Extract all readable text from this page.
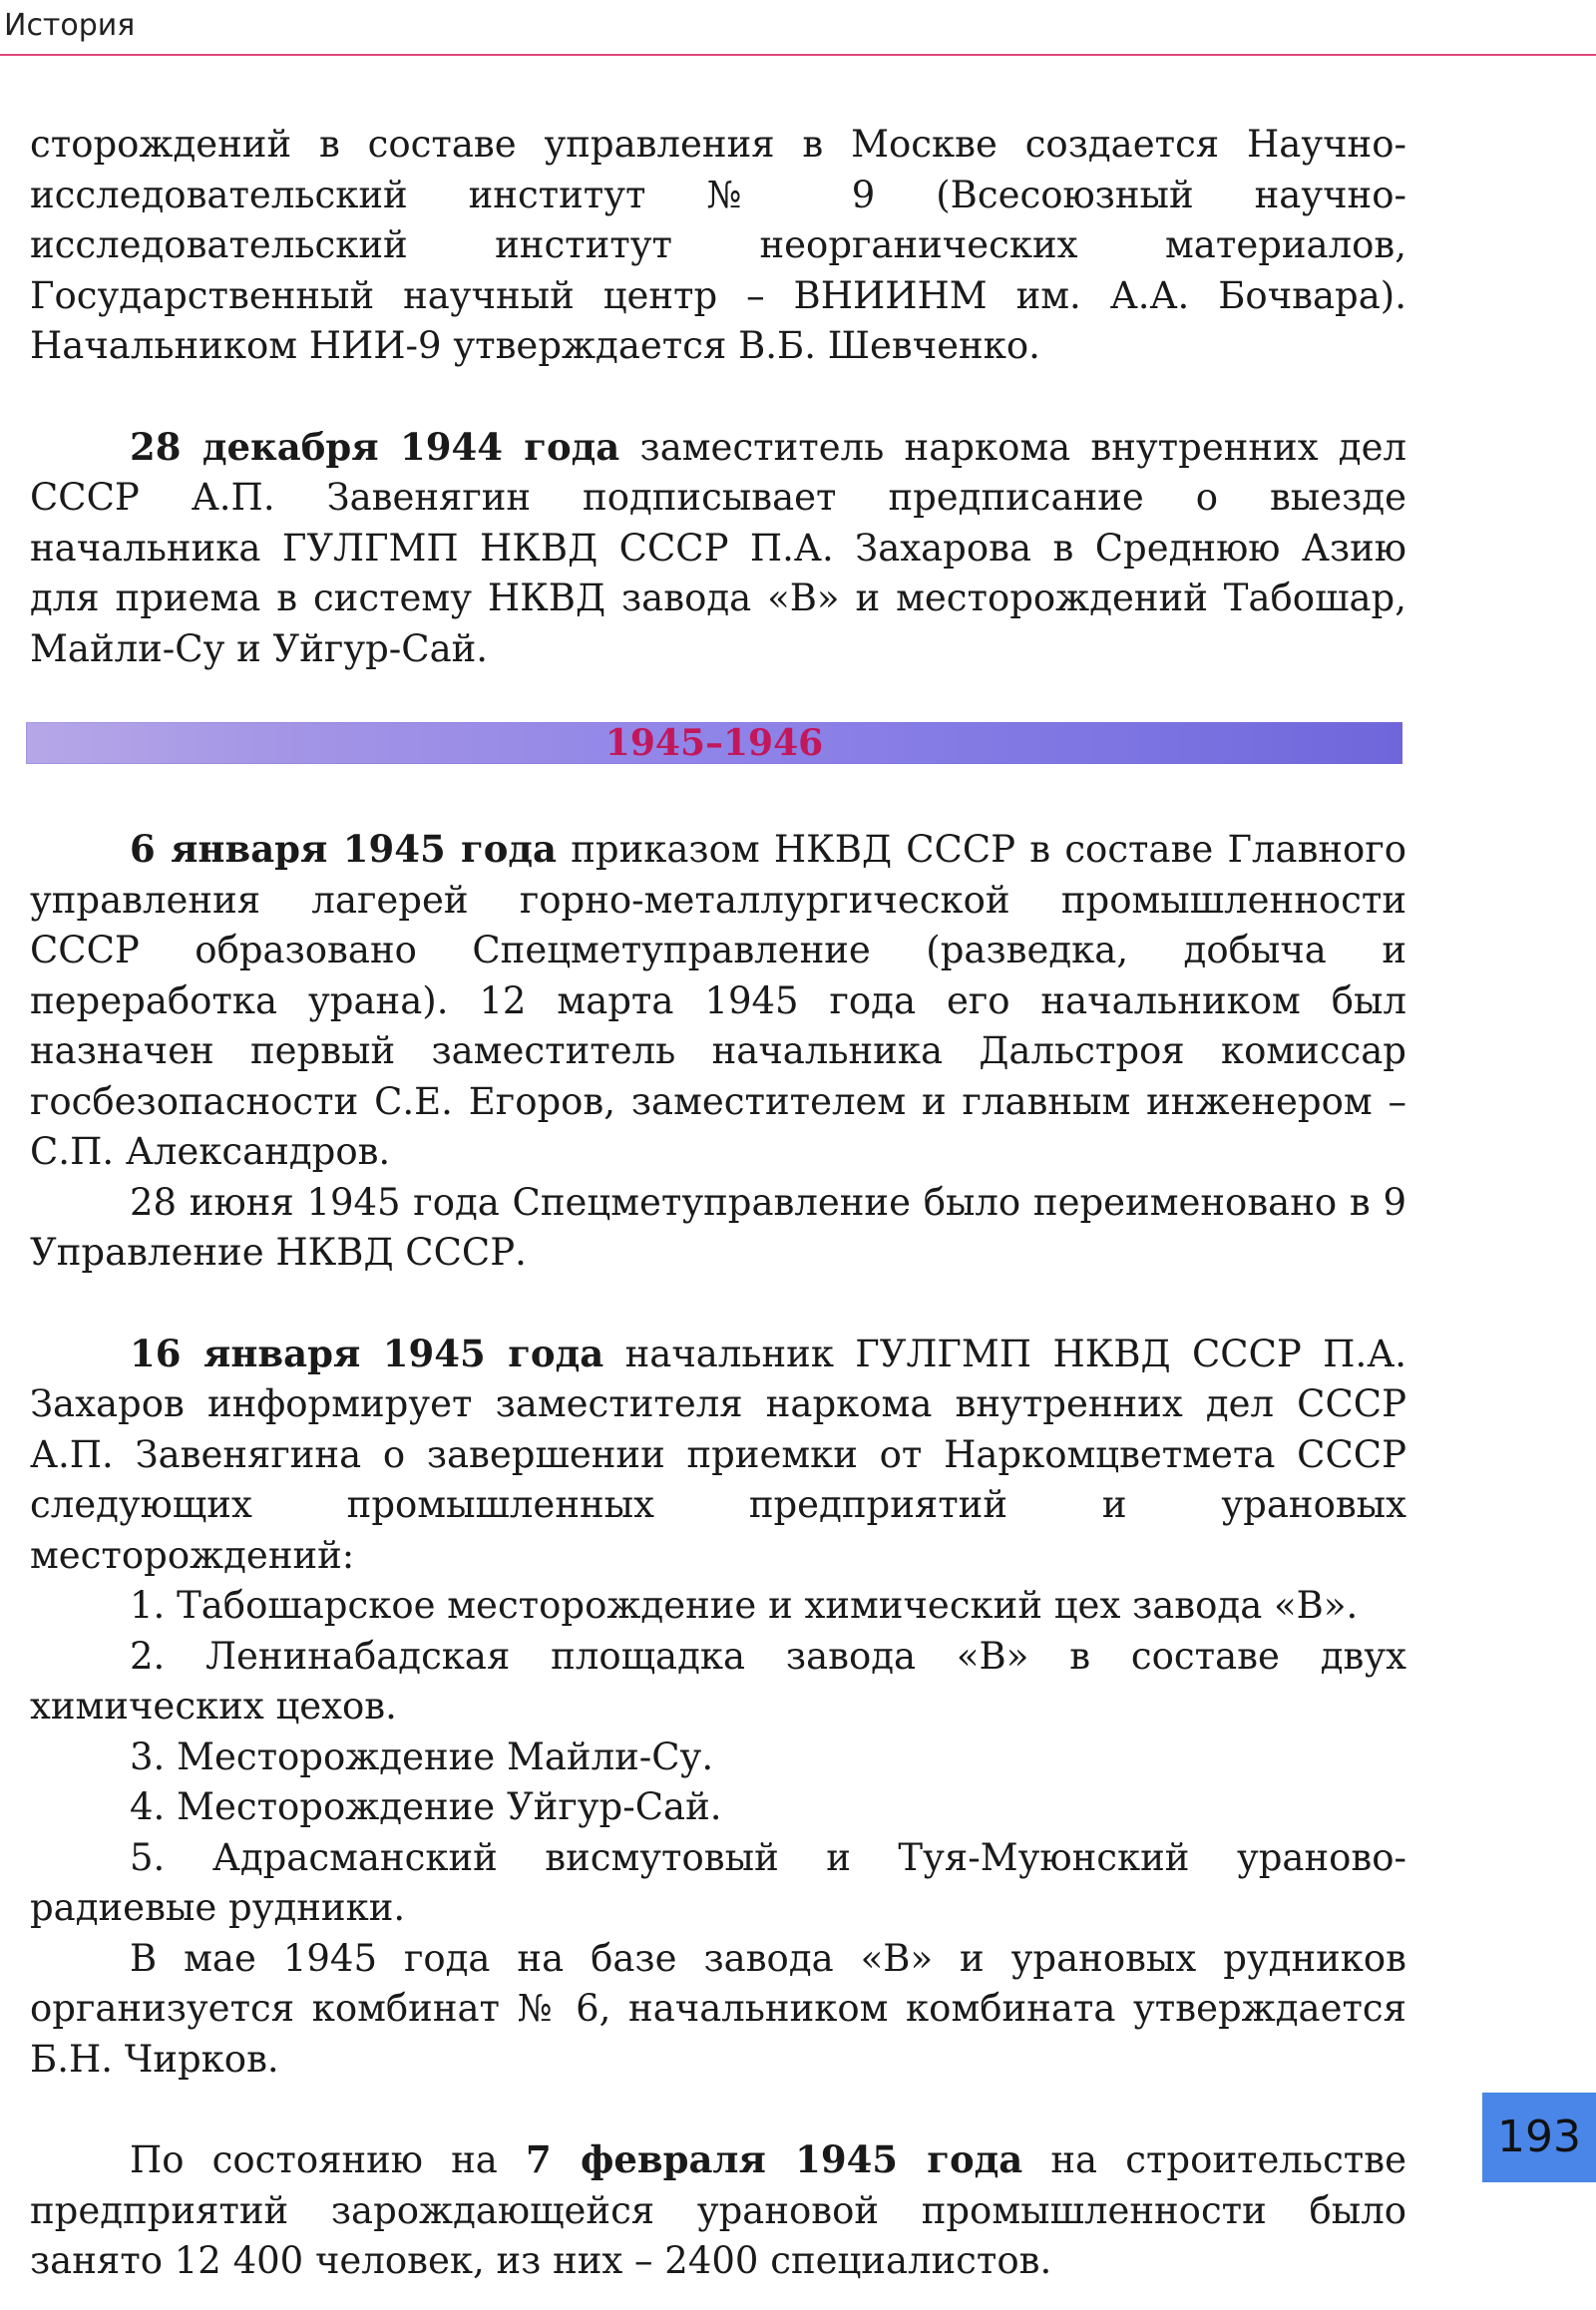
История

сторождений в составе управления в Москве создается Научно-исследовательский институт № 9 (Всесоюзный научно-исследовательский институт неорганических материалов, Государственный научный центр – ВНИИНМ им. А.А. Бочвара). Начальником НИИ-9 утверждается В.Б. Шевченко.

28 декабря 1944 года заместитель наркома внутренних дел СССР А.П. Завенягин подписывает предписание о выезде начальника ГУЛГМП НКВД СССР П.А. Захарова в Среднюю Азию для приема в систему НКВД завода «В» и месторождений Табошар, Майли-Су и Уйгур-Сай.

1945–1946

6 января 1945 года приказом НКВД СССР в составе Главного управления лагерей горно-металлургической промышленности СССР образовано Спецметуправление (разведка, добыча и переработка урана). 12 марта 1945 года его начальником был назначен первый заместитель начальника Дальстроя комиссар госбезопасности С.Е. Егоров, заместителем и главным инженером – С.П. Александров.

28 июня 1945 года Спецметуправление было переименовано в 9 Управление НКВД СССР.

16 января 1945 года начальник ГУЛГМП НКВД СССР П.А. Захаров информирует заместителя наркома внутренних дел СССР А.П. Завенягина о завершении приемки от Наркомцветмета СССР следующих промышленных предприятий и урановых месторождений:

1. Табошарское месторождение и химический цех завода «В».

2. Ленинабадская площадка завода «В» в составе двух химических цехов.

3. Месторождение Майли-Су.

4. Месторождение Уйгур-Сай.

5. Адрасманский висмутовый и Туя-Муюнский ураново-радиевые рудники.

В мае 1945 года на базе завода «В» и урановых рудников организуется комбинат № 6, начальником комбината утверждается Б.Н. Чирков.

По состоянию на 7 февраля 1945 года на строительстве предприятий зарождающейся урановой промышленности было занято 12 400 человек, из них – 2400 специалистов.

193
